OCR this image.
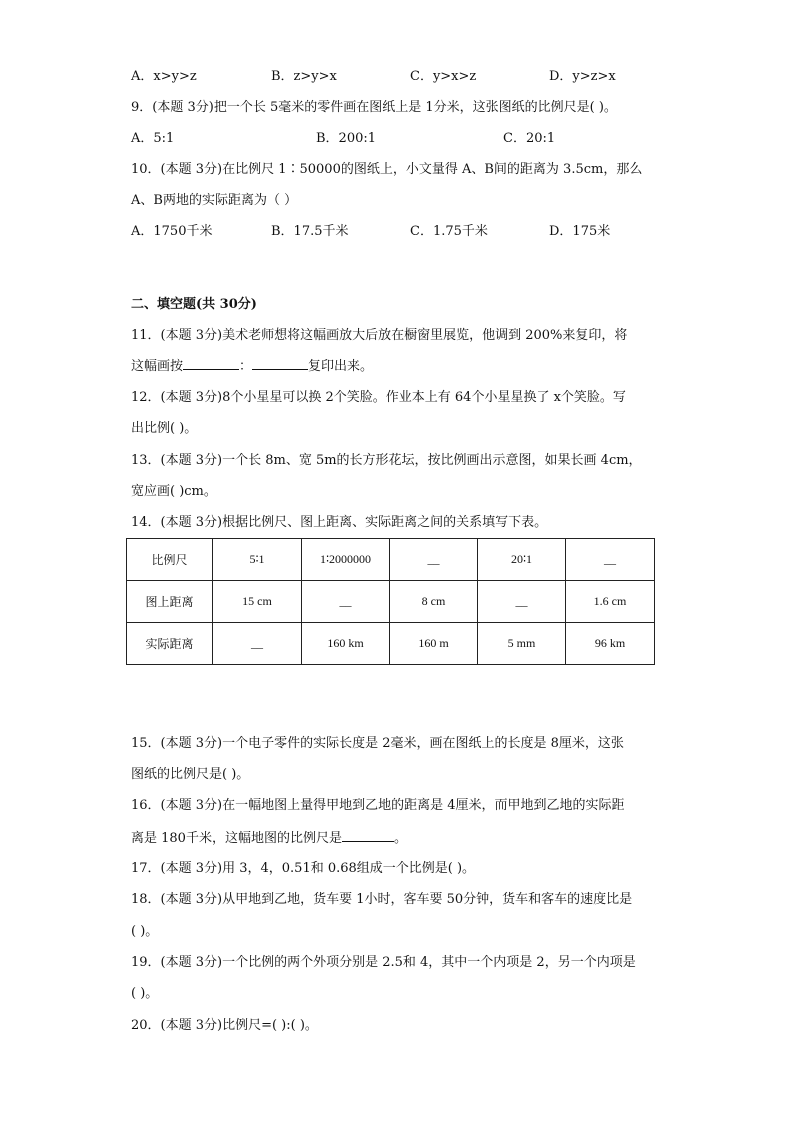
A．x>y>z	B．z>y>x	C．y>x>z	D．y>z>x
9．(本题 3分)把一个长 5毫米的零件画在图纸上是 1分米，这张图纸的比例尺是( )。
A．5:1	B．200:1	C．20:1
10．(本题 3分)在比例尺 1∶50000的图纸上，小文量得 A、B间的距离为 3.5cm，那么
A、B两地的实际距离为（ ）
A．1750千米	B．17.5千米	C．1.75千米	D．175米
二、填空题(共 30分)
11．(本题 3分)美术老师想将这幅画放大后放在橱窗里展览，他调到 200%来复印，将
这幅画按	：	复印出来。
12．(本题 3分)8个小星星可以换 2个笑脸。作业本上有 64个小星星换了 x个笑脸。写
出比例( )。
13．(本题 3分)一个长 8m、宽 5m的长方形花坛，按比例画出示意图，如果长画 4cm，
宽应画( )cm。
14．(本题 3分)根据比例尺、图上距离、实际距离之间的关系填写下表。
比例尺	5∶1	1∶2000000	__	20∶1	__
图上距离	15 cm	__	8 cm	__	1.6 cm
实际距离	__	160 km	160 m	5 mm	96 km
15．(本题 3分)一个电子零件的实际长度是 2毫米，画在图纸上的长度是 8厘米，这张
图纸的比例尺是( )。
16．(本题 3分)在一幅地图上量得甲地到乙地的距离是 4厘米，而甲地到乙地的实际距
离是 180千米，这幅地图的比例尺是	。
17．(本题 3分)用 3，4，0.51和 0.68组成一个比例是( )。
18．(本题 3分)从甲地到乙地，货车要 1小时，客车要 50分钟，货车和客车的速度比是
( )。
19．(本题 3分)一个比例的两个外项分别是 2.5和 4，其中一个内项是 2，另一个内项是
( )。
20．(本题 3分)比例尺=( ):( )。
